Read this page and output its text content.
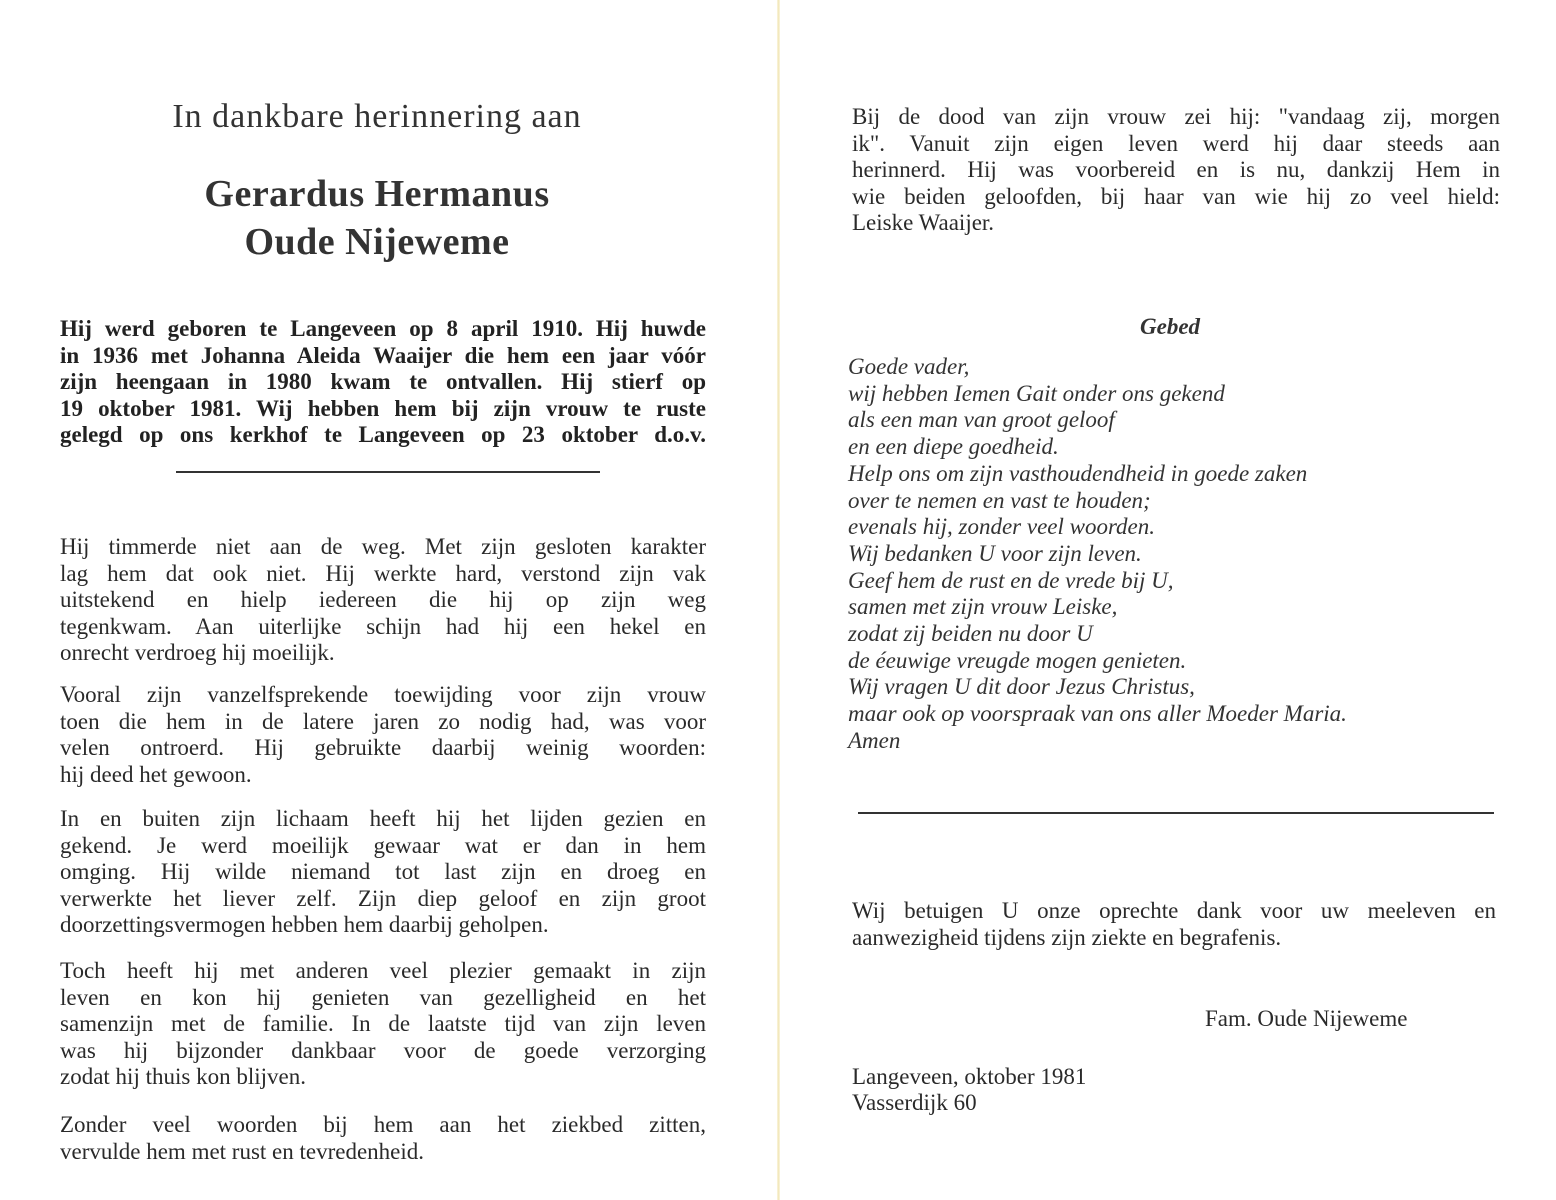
In dankbare herinnering aan
Gerardus Hermanus
Oude Nijeweme
Hij werd geboren te Langeveen op 8 april 1910. Hij huwde
in 1936 met Johanna Aleida Waaijer die hem een jaar vóór
zijn heengaan in 1980 kwam te ontvallen. Hij stierf op
19 oktober 1981. Wij hebben hem bij zijn vrouw te ruste
gelegd op ons kerkhof te Langeveen op 23 oktober d.o.v.
Hij timmerde niet aan de weg. Met zijn gesloten karakter
lag hem dat ook niet. Hij werkte hard, verstond zijn vak
uitstekend en hielp iedereen die hij op zijn weg
tegenkwam. Aan uiterlijke schijn had hij een hekel en
onrecht verdroeg hij moeilijk.
Vooral zijn vanzelfsprekende toewijding voor zijn vrouw
toen die hem in de latere jaren zo nodig had, was voor
velen ontroerd. Hij gebruikte daarbij weinig woorden:
hij deed het gewoon.
In en buiten zijn lichaam heeft hij het lijden gezien en
gekend. Je werd moeilijk gewaar wat er dan in hem
omging. Hij wilde niemand tot last zijn en droeg en
verwerkte het liever zelf. Zijn diep geloof en zijn groot
doorzettingsvermogen hebben hem daarbij geholpen.
Toch heeft hij met anderen veel plezier gemaakt in zijn
leven en kon hij genieten van gezelligheid en het
samenzijn met de familie. In de laatste tijd van zijn leven
was hij bijzonder dankbaar voor de goede verzorging
zodat hij thuis kon blijven.
Zonder veel woorden bij hem aan het ziekbed zitten,
vervulde hem met rust en tevredenheid.
Bij de dood van zijn vrouw zei hij: "vandaag zij, morgen
ik". Vanuit zijn eigen leven werd hij daar steeds aan
herinnerd. Hij was voorbereid en is nu, dankzij Hem in
wie beiden geloofden, bij haar van wie hij zo veel hield:
Leiske Waaijer.
Gebed
Goede vader,
wij hebben Iemen Gait onder ons gekend
als een man van groot geloof
en een diepe goedheid.
Help ons om zijn vasthoudendheid in goede zaken
over te nemen en vast te houden;
evenals hij, zonder veel woorden.
Wij bedanken U voor zijn leven.
Geef hem de rust en de vrede bij U,
samen met zijn vrouw Leiske,
zodat zij beiden nu door U
de éeuwige vreugde mogen genieten.
Wij vragen U dit door Jezus Christus,
maar ook op voorspraak van ons aller Moeder Maria.
Amen
Wij betuigen U onze oprechte dank voor uw meeleven en
aanwezigheid tijdens zijn ziekte en begrafenis.
Fam. Oude Nijeweme
Langeveen, oktober 1981
Vasserdijk 60
